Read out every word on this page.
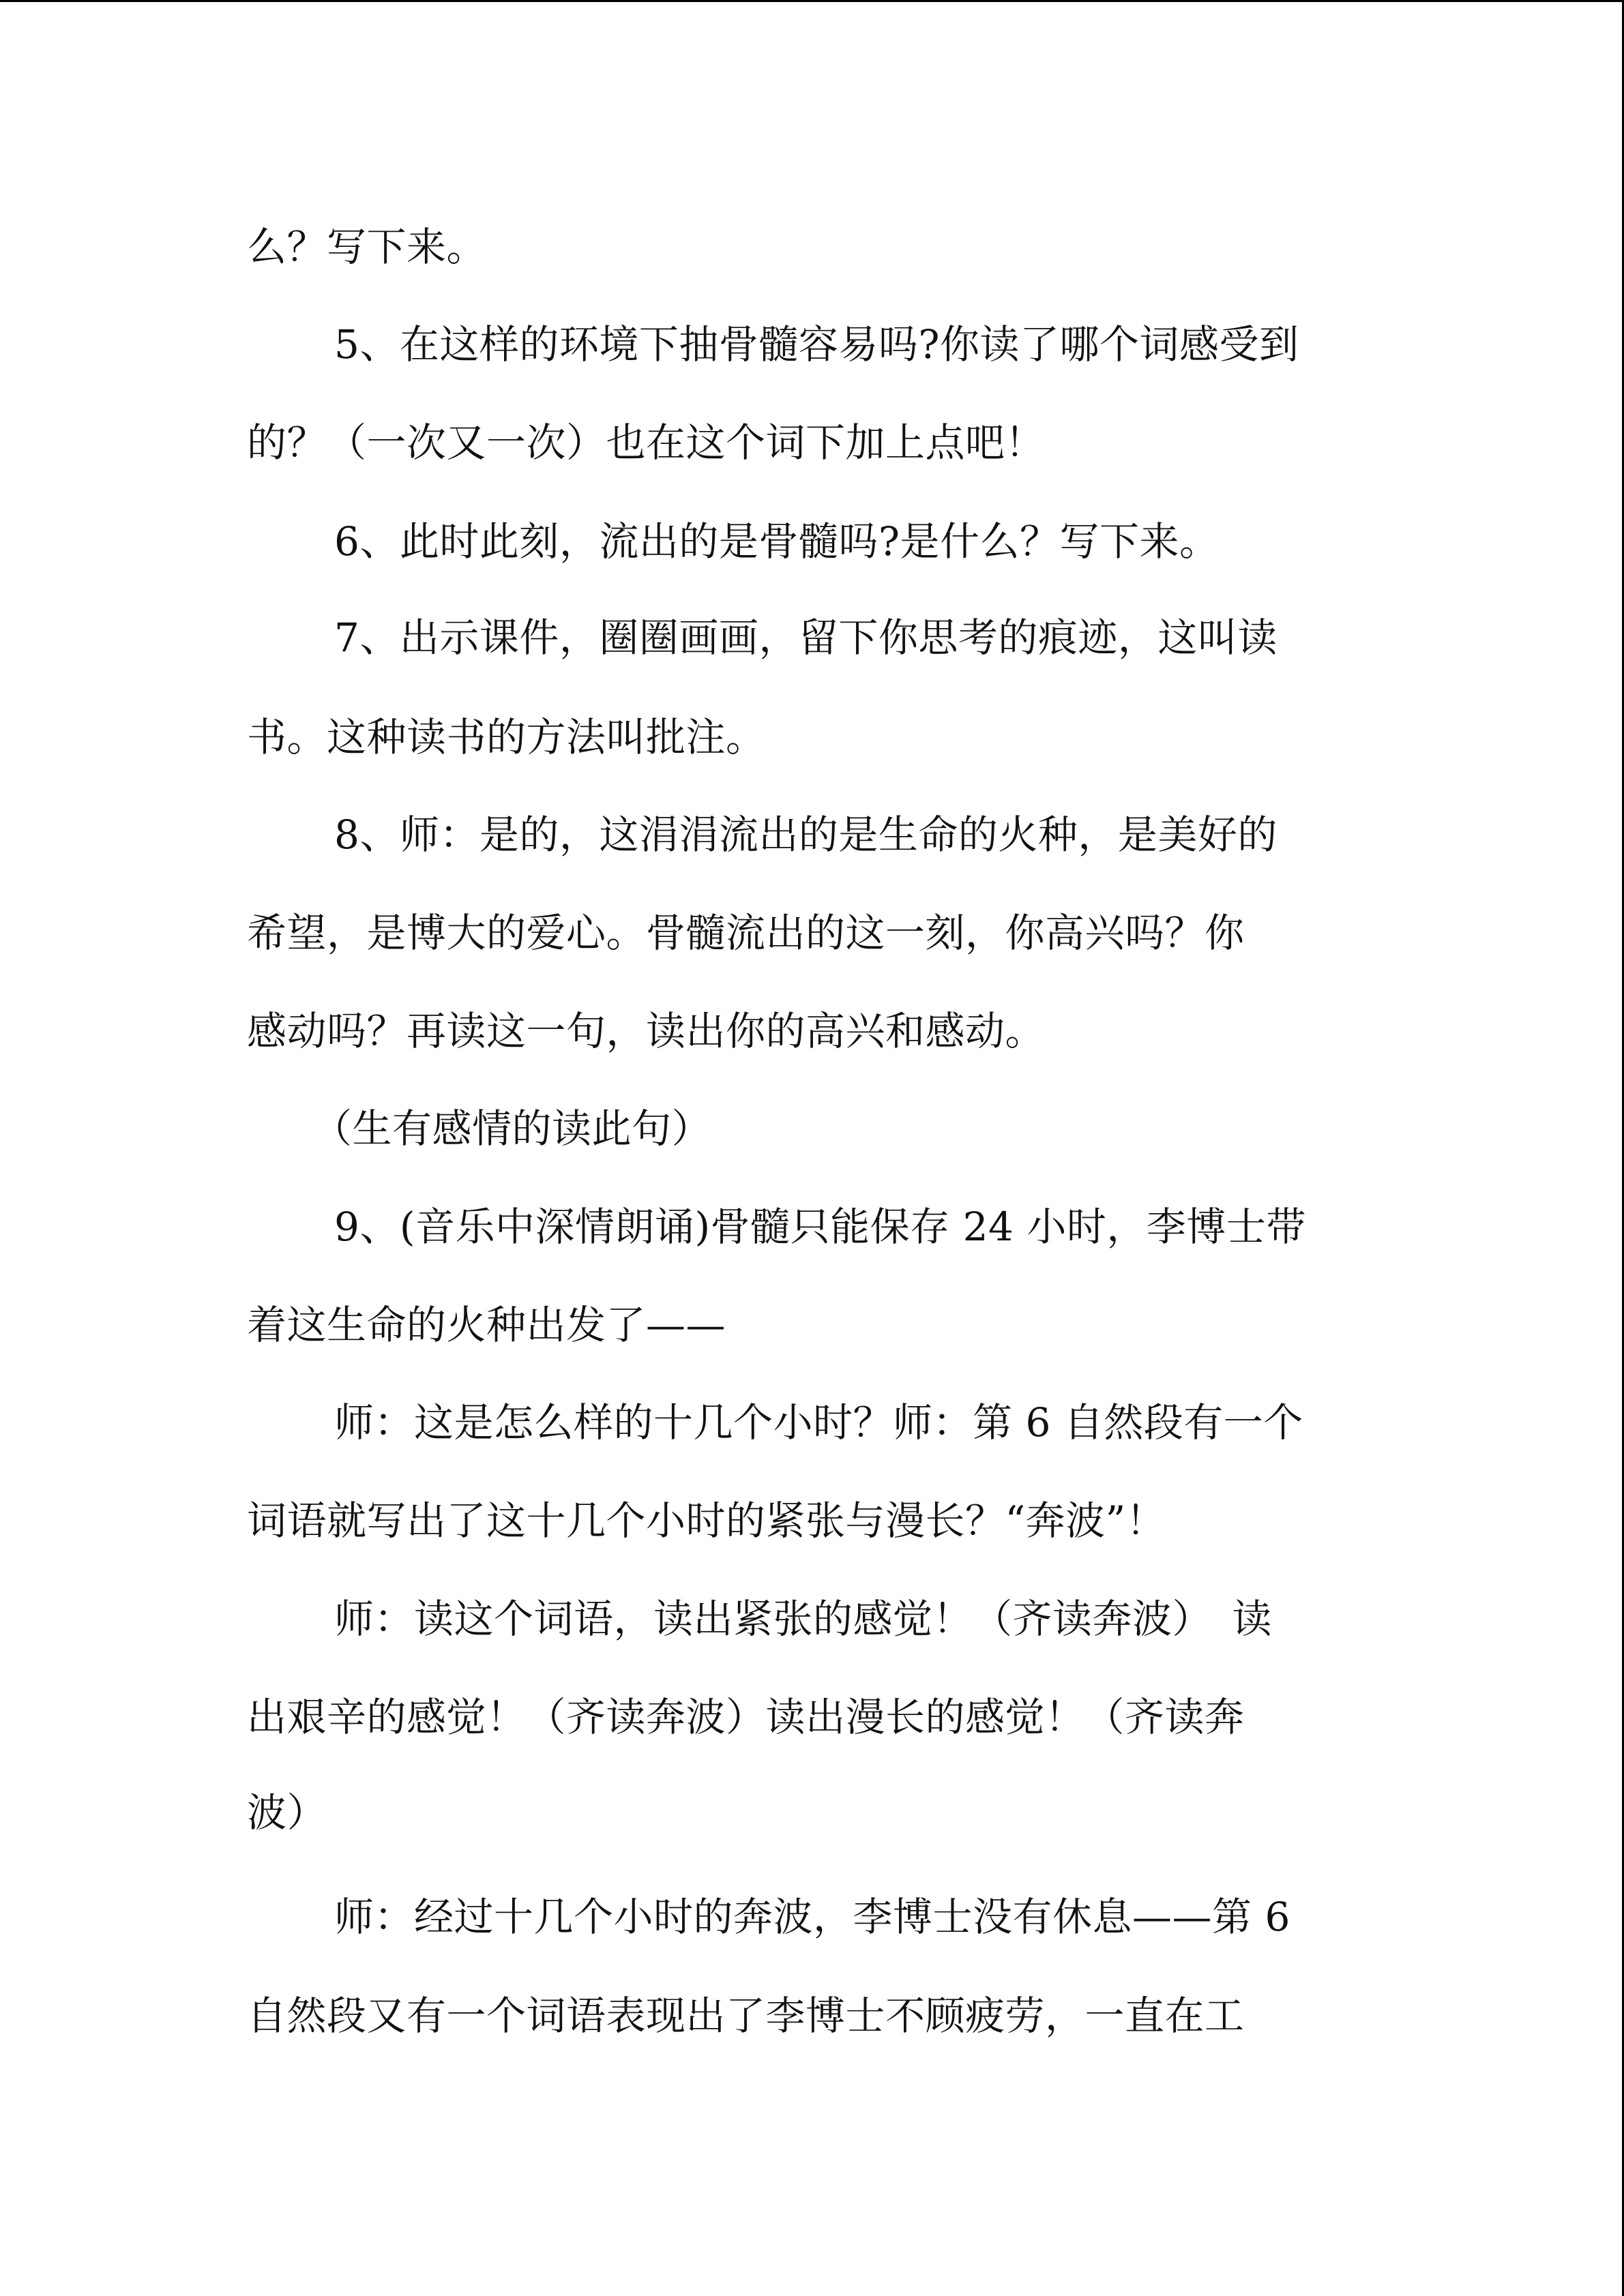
么？写下来。
5、在这样的环境下抽骨髓容易吗?你读了哪个词感受到
的？（一次又一次）也在这个词下加上点吧！
6、此时此刻，流出的是骨髓吗?是什么？写下来。
7、出示课件，圈圈画画，留下你思考的痕迹，这叫读
书。这种读书的方法叫批注。
8、师：是的，这涓涓流出的是生命的火种，是美好的
希望，是博大的爱心。骨髓流出的这一刻，你高兴吗？你
感动吗？再读这一句，读出你的高兴和感动。
（生有感情的读此句）
9、(音乐中深情朗诵)骨髓只能保存 24 小时，李博士带
着这生命的火种出发了——
师：这是怎么样的十几个小时？师：第 6 自然段有一个
词语就写出了这十几个小时的紧张与漫长？“奔波”！
师：读这个词语，读出紧张的感觉！（齐读奔波）　读
出艰辛的感觉！（齐读奔波）读出漫长的感觉！（齐读奔
波）
师：经过十几个小时的奔波，李博士没有休息——第 6
自然段又有一个词语表现出了李博士不顾疲劳，一直在工
